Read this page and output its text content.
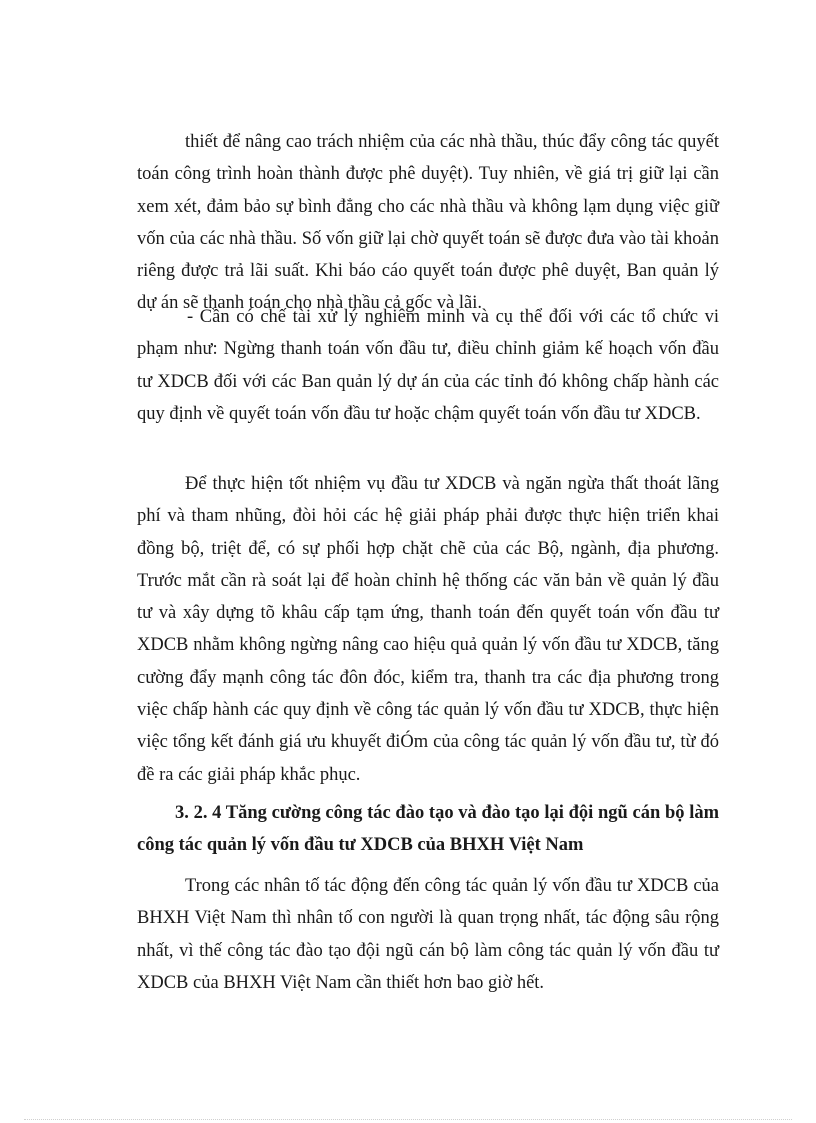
thiết để nâng cao trách nhiệm của các nhà thầu, thúc đẩy công tác quyết toán công trình hoàn thành được phê duyệt). Tuy nhiên, về giá trị giữ lại cần xem xét, đảm bảo sự bình đẳng cho các nhà thầu và không lạm dụng việc giữ vốn của các nhà thầu. Số vốn giữ lại chờ quyết toán sẽ được đưa vào tài khoản riêng được trả lãi suất. Khi báo cáo quyết toán được phê duyệt, Ban quản lý dự án sẽ thanh toán cho nhà thầu cả gốc và lãi.

- Cần có chế tài xử lý nghiêm minh và cụ thể đối với các tổ chức vi phạm như: Ngừng thanh toán vốn đầu tư, điều chỉnh giảm kế hoạch vốn đầu tư XDCB đối với các Ban quản lý dự án của các tỉnh đó không chấp hành các quy định về quyết toán vốn đầu tư hoặc chậm quyết toán vốn đầu tư XDCB.

Để thực hiện tốt nhiệm vụ đầu tư XDCB và ngăn ngừa thất thoát lãng phí và tham nhũng, đòi hỏi các hệ giải pháp phải được thực hiện triển khai đồng bộ, triệt để, có sự phối hợp chặt chẽ của các Bộ, ngành, địa phương. Trước mắt cần rà soát lại để hoàn chỉnh hệ thống các văn bản về quản lý đầu tư và xây dựng tõ khâu cấp tạm ứng, thanh toán đến quyết toán vốn đầu tư XDCB nhằm không ngừng nâng cao hiệu quả quản lý vốn đầu tư XDCB, tăng cường đẩy mạnh công tác đôn đóc, kiểm tra, thanh tra các địa phương trong việc chấp hành các quy định về công tác quản lý vốn đầu tư XDCB, thực hiện việc tổng kết đánh giá ưu khuyết điÓm của công tác quản lý vốn đầu tư, từ đó đề ra các giải pháp khắc phục.

3. 2. 4 Tăng cường công tác đào tạo và đào tạo lại đội ngũ cán bộ làm công tác quản lý vốn đầu tư XDCB của BHXH Việt Nam

Trong các nhân tố tác động đến công tác quản lý vốn đầu tư XDCB của BHXH Việt Nam thì nhân tố con người là quan trọng nhất, tác động sâu rộng nhất, vì thế công tác đào tạo đội ngũ cán bộ làm công tác quản lý vốn đầu tư XDCB của BHXH Việt Nam cần thiết hơn bao giờ hết.
